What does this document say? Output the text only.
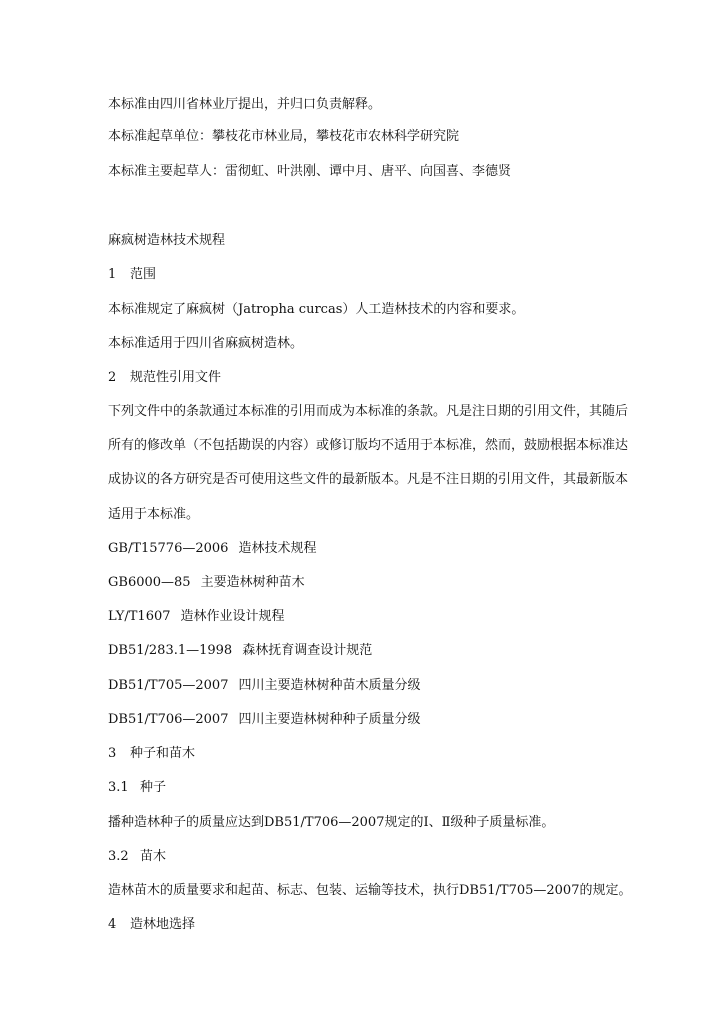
本标准由四川省林业厅提出，并归口负责解释。
本标准起草单位：攀枝花市林业局，攀枝花市农林科学研究院
本标准主要起草人：雷彻虹、叶洪刚、谭中月、唐平、向国喜、李德贤
麻疯树造林技术规程
1 范围
本标准规定了麻疯树（Jatropha curcas）人工造林技术的内容和要求。
本标准适用于四川省麻疯树造林。
2 规范性引用文件
下列文件中的条款通过本标准的引用而成为本标准的条款。凡是注日期的引用文件，其随后
所有的修改单（不包括勘误的内容）或修订版均不适用于本标准，然而，鼓励根据本标准达
成协议的各方研究是否可使用这些文件的最新版本。凡是不注日期的引用文件，其最新版本
适用于本标准。
GB/T15776—2006 造林技术规程
GB6000—85 主要造林树种苗木
LY/T1607 造林作业设计规程
DB51/283.1—1998 森林抚育调查设计规范
DB51/T705—2007 四川主要造林树种苗木质量分级
DB51/T706—2007 四川主要造林树种种子质量分级
3 种子和苗木
3.1 种子
播种造林种子的质量应达到DB51/T706—2007规定的Ⅰ、Ⅱ级种子质量标准。
3.2 苗木
造林苗木的质量要求和起苗、标志、包装、运输等技术，执行DB51/T705—2007的规定。
4 造林地选择
